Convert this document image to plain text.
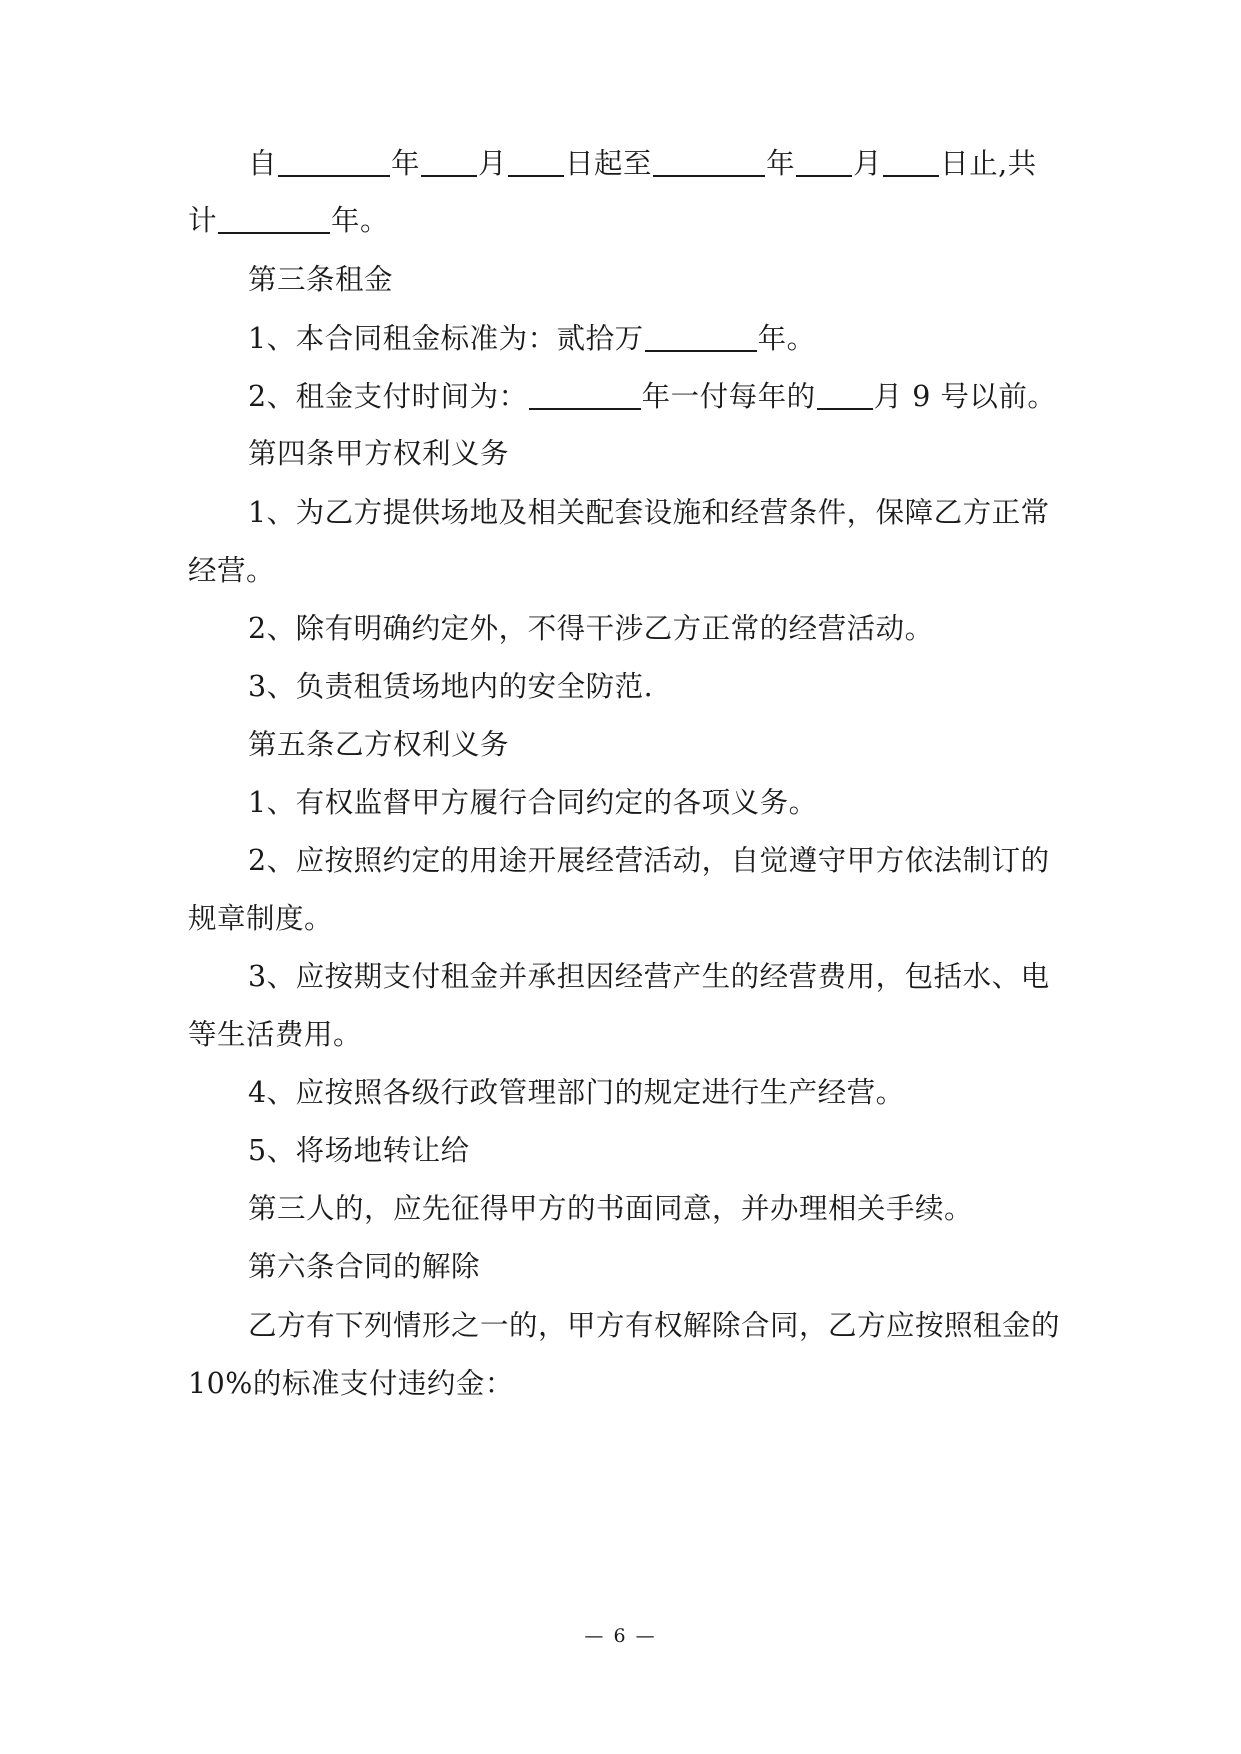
自	年 月 日起至	年 月 日止,共
计	年。
第三条租金
1、本合同租金标准为：贰拾万	年。
2、租金支付时间为：	年一付每年的 月 9 号以前。
第四条甲方权利义务
1、为乙方提供场地及相关配套设施和经营条件，保障乙方正常
经营。
2、除有明确约定外，不得干涉乙方正常的经营活动。
3、负责租赁场地内的安全防范.
第五条乙方权利义务
1、有权监督甲方履行合同约定的各项义务。
2、应按照约定的用途开展经营活动，自觉遵守甲方依法制订的
规章制度。
3、应按期支付租金并承担因经营产生的经营费用，包括水、电
等生活费用。
4、应按照各级行政管理部门的规定进行生产经营。
5、将场地转让给
第三人的，应先征得甲方的书面同意，并办理相关手续。
第六条合同的解除
乙方有下列情形之一的，甲方有权解除合同，乙方应按照租金的
10%的标准支付违约金：
— 6 —
